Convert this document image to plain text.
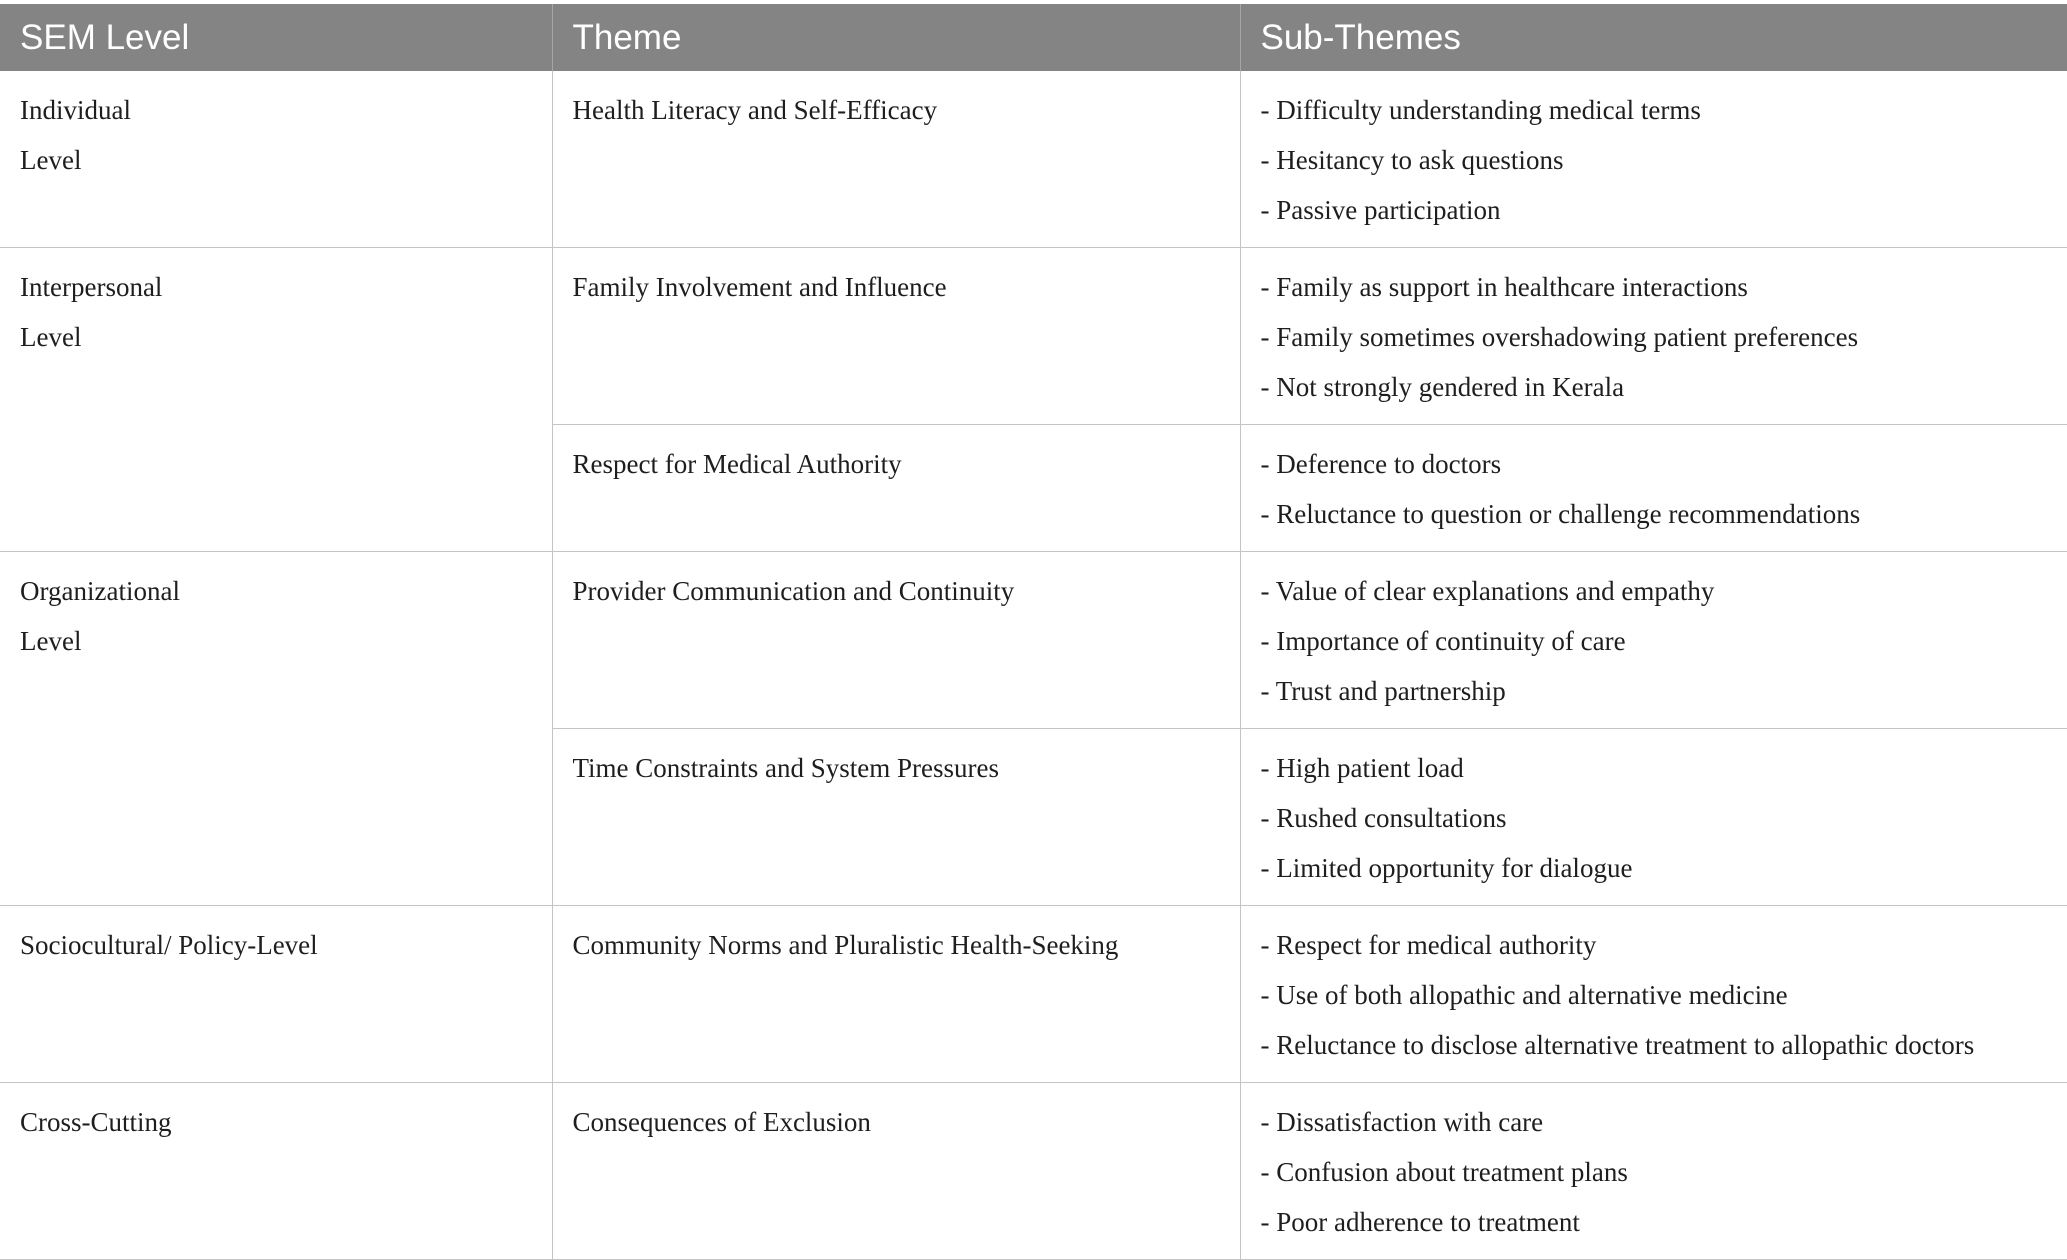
SEM Level	Theme	Sub-Themes

Individual
Level	Health Literacy and Self-Efficacy	- Difficulty understanding medical terms
- Hesitancy to ask questions
- Passive participation

Interpersonal
Level	Family Involvement and Influence	- Family as support in healthcare interactions
- Family sometimes overshadowing patient preferences
- Not strongly gendered in Kerala

	Respect for Medical Authority	- Deference to doctors
- Reluctance to question or challenge recommendations

Organizational
Level	Provider Communication and Continuity	- Value of clear explanations and empathy
- Importance of continuity of care
- Trust and partnership

	Time Constraints and System Pressures	- High patient load
- Rushed consultations
- Limited opportunity for dialogue

Sociocultural/ Policy-Level	Community Norms and Pluralistic Health-Seeking	- Respect for medical authority
- Use of both allopathic and alternative medicine
- Reluctance to disclose alternative treatment to allopathic doctors

Cross-Cutting	Consequences of Exclusion	- Dissatisfaction with care
- Confusion about treatment plans
- Poor adherence to treatment
